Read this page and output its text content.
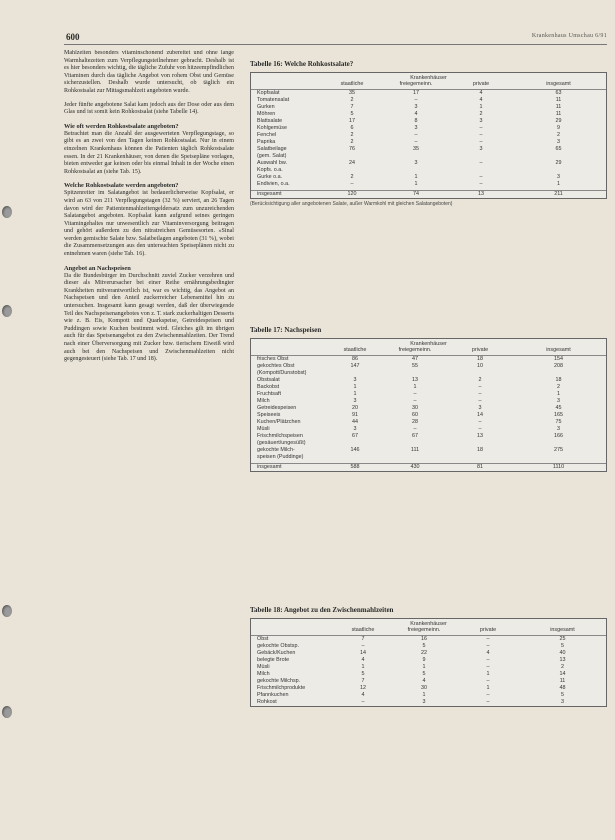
600	Krankenhaus Umschau 6/91

Mahlzeiten besonders vitaminschonend zubereitet und ohne lange Warmhaltezeiten zum Verpflegungsteilnehmer gebracht. Deshalb ist es hier besonders wichtig, die tägliche Zufuhr von hitzeempfindlichen Vitaminen durch das tägliche Angebot von rohem Obst und Gemüse sicherzustellen. Deshalb wurde untersucht, ob täglich ein Rohkostsalat zur Mittagsmahlzeit angeboten wurde.

Jeder fünfte angebotene Salat kam jedoch aus der Dose oder aus dem Glas und ist somit kein Rohkostsalat (siehe Tabelle 14).

Wie oft werden Rohkostsalate angeboten?

Betrachtet man die Anzahl der ausgewerteten Verpflegungstage, so gibt es an zwei von den Tagen keinen Rohkostsalat. Nur in einem einzelnen Krankenhaus können die Patienten täglich Rohkostsalate essen. In der 21 Krankenhäuser, von denen die Speisepläne vorlagen, bieten entweder gar keinen oder bis einmal Inhalt in der Woche einen Rohkostsalat an (siehe Tab. 15).

Welche Rohkostsalate werden angeboten?

Spitzenreiter im Salatangebot ist bedauerlicherweise Kopfsalat, er wird an 63 von 211 Verpflegungstagen (32 %) serviert, an 26 Tagen davon wird der Patientenmahlzeitengeldersatz zum unzureichenden Salatangebot angeboten. Kopfsalat kann aufgrund seines geringen Vitamingehaltes nur unwesentlich zur Vitaminversorgung beitragen und gehört außerdem zu den nitratreichen Gemüsesorten. »Sinal werden gemischte Salate bzw. Salatbeilagen angeboten (31 %), wobei die Zusammensetzungen aus den untersuchten Speiseplänen nicht zu entnehmen waren (siehe Tab. 16).

Angebot an Nachspeisen

Da die Bundesbürger im Durchschnitt zuviel Zucker verzehren und dieser als Mitverursacher bei einer Reihe ernährungsbedingter Krankheiten mitverantwortlich ist, war es wichtig, das Angebot an Nachspeisen und den Anteil zuckerreicher Lebensmittel hin zu untersuchen. Insgesamt kann gesagt werden, daß der überwiegende Teil des Nachspeisenangebotes von z. T. stark zuckerhaltigen Desserts wie z. B. Eis, Kompott und Quarkspeise, Getreidespeisen und Puddingen sowie Kuchen bestimmt wird. Gleiches gilt im übrigen auch für das Speisenangebot zu den Zwischenmahlzeiten. Der Trend nach einer Überversorgung mit Zucker bzw. tierischem Eiweiß wird auch bei den Nachspeisen und Zwischenmahlzeiten nicht gegengesteuert (siehe Tab. 17 und 18).

Tabelle 16: Welche Rohkostsalate?
Krankenhäuser
staatliche	freiegemeinn.	private	insgesamt
Kopfsalat	35	17	4	63
Tomatensalat	2	–	4	11
Gurken	7	3	1	11
Möhren	5	4	2	11
Blattsalate	17	8	3	29
Kohlgemüse	6	3	–	9
Fenchel	2	–	–	2
Paprika	2	–	–	3
Salatbeilage
(gem. Salat)
76	35	3	65
Auswahl bw.
Kopfs. o.a.
24	3	–	29
Gurke o.a.	2	1	–	3
Endivien, o.a.	–	1	–	1
insgesamt	120	74	13	211
(Berücksichtigung aller angebotenen Salate, außer Warmkohl mit gleichen Salatangeboten)
Tabelle 17: Nachspeisen
Krankenhäuser
staatliche	freiegemeinn.	private	insgesamt
frisches Obst	86	47	18	154
gekochtes Obst
(Kompott/Dunstobst)
147	55	10	208
Obstsalat	3	13	2	18
Backobst	1	1	–	2
Fruchtsaft	1	–	–	1
Milch	3	–	–	3
Getreidespeisen	20	30	3	45
Speiseeis	91	60	14	165
Kuchen/Plätzchen	44	28	–	75
Müsli	3	–	–	3
Frischmilchspeisen
(gesäuert/ungesüßt)
67	67	13	166
gekochte Milch-
speisen (Puddinge)
146	111	18	275
insgesamt	588	430	81	1110
Tabelle 18: Angebot zu den Zwischenmahlzeiten
Krankenhäuser
staatliche	freiegemeinn.	private	insgesamt
Obst	7	16	–	25
gekochte Obstsp.	–	5	–	5
Gebäck/Kuchen	14	22	4	40
belegte Brote	4	9	–	13
Müsli	1	1	–	2
Milch	5	5	1	14
gekochte Milchsp.	7	4	–	11
Frischmilchprodukte	12	30	1	48
Pfannkuchen	4	1	–	5
Rohkost	–	3	–	3
